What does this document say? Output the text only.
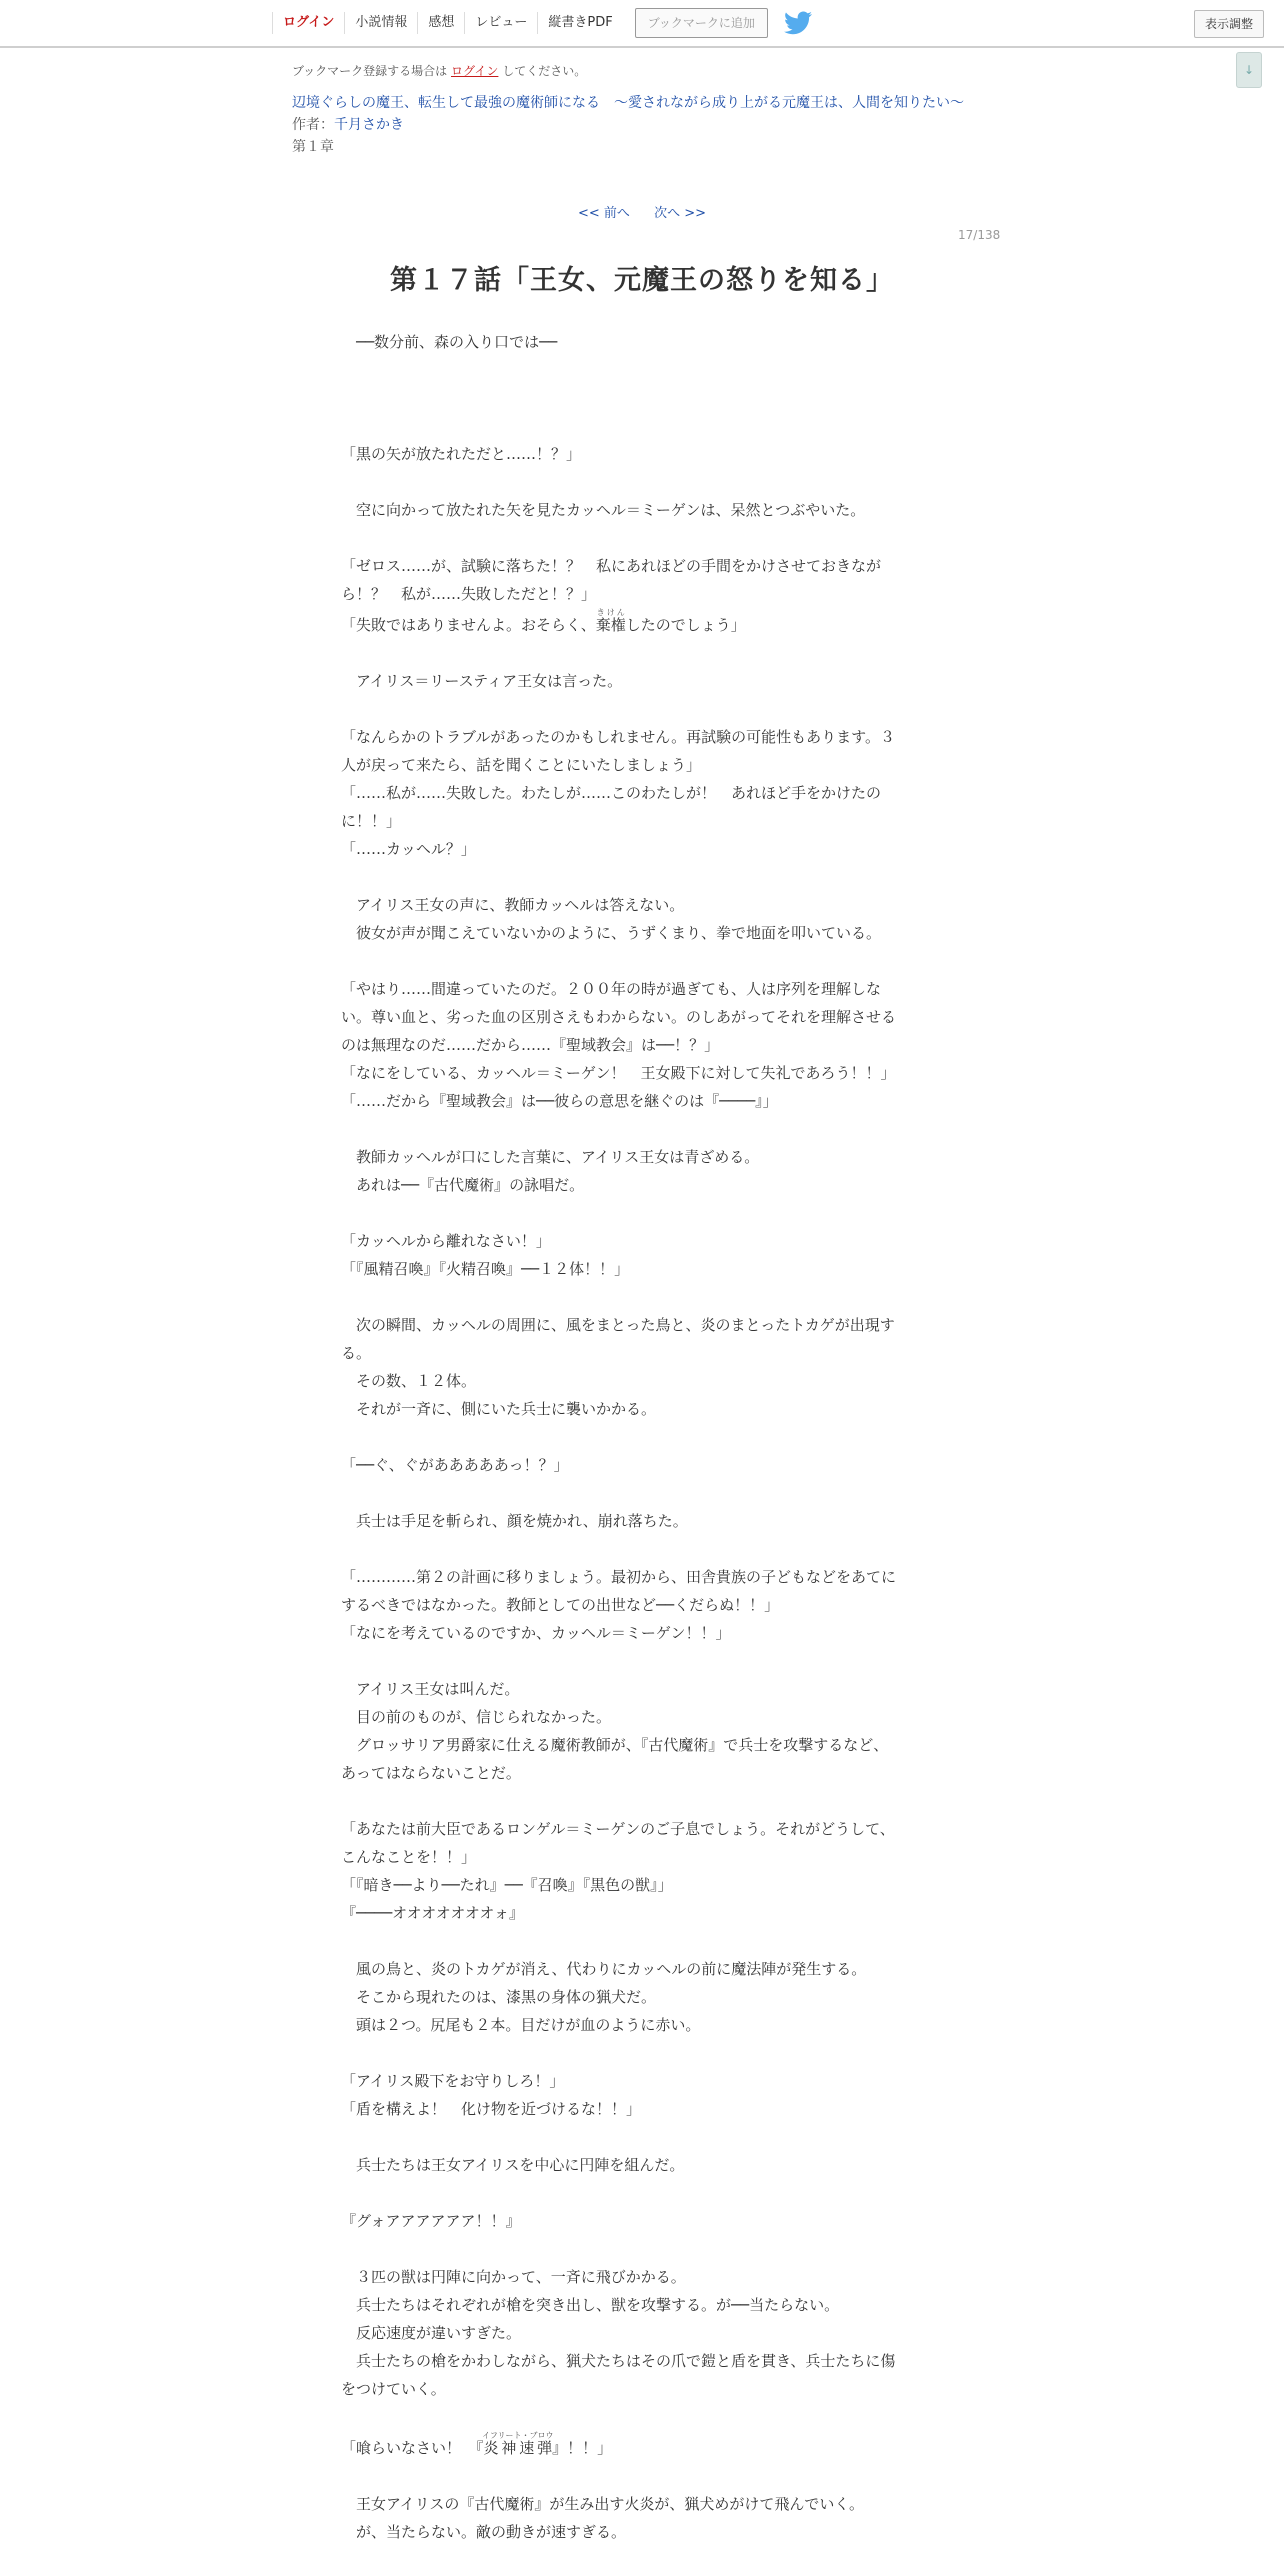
ログイン	小説情報	感想	レビュー	縦書きPDF	ブックマークに追加	表示調整
↓
ブックマーク登録する場合は ログイン してください。
辺境ぐらしの魔王、転生して最強の魔術師になる　〜愛されながら成り上がる元魔王は、人間を知りたい〜
作者：千月さかき
第１章
<< 前へ 次へ >>
17/138
第１７話「王女、元魔王の怒りを知る」
　──数分前、森の入り口では──
「黒の矢が放たれただと……！？」
　空に向かって放たれた矢を見たカッヘル＝ミーゲンは、呆然とつぶやいた。
「ゼロス……が、試験に落ちた！？　私にあれほどの手間をかけさせておきなが
ら！？　私が……失敗しただと！？」
「失敗ではありませんよ。おそらく、棄権きけんしたのでしょう」
　アイリス＝リースティア王女は言った。
「なんらかのトラブルがあったのかもしれません。再試験の可能性もあります。３
人が戻って来たら、話を聞くことにいたしましょう」
「……私が……失敗した。わたしが……このわたしが！　あれほど手をかけたの
に！！」
「……カッヘル？」
　アイリス王女の声に、教師カッヘルは答えない。
　彼女が声が聞こえていないかのように、うずくまり、拳で地面を叩いている。
「やはり……間違っていたのだ。２００年の時が過ぎても、人は序列を理解しな
い。尊い血と、劣った血の区別さえもわからない。のしあがってそれを理解させる
のは無理なのだ……だから……『聖域教会』は──！？」
「なにをしている、カッヘル＝ミーゲン！　王女殿下に対して失礼であろう！！」
「……だから『聖域教会』は──彼らの意思を継ぐのは『────』」
　教師カッヘルが口にした言葉に、アイリス王女は青ざめる。
　あれは──『古代魔術』の詠唱だ。
「カッヘルから離れなさい！」
「『風精召喚』『火精召喚』──１２体！！」
　次の瞬間、カッヘルの周囲に、風をまとった鳥と、炎のまとったトカゲが出現す
る。
　その数、１２体。
　それが一斉に、側にいた兵士に襲いかかる。
「──ぐ、ぐがあああああっ！？」
　兵士は手足を斬られ、顔を焼かれ、崩れ落ちた。
「…………第２の計画に移りましょう。最初から、田舎貴族の子どもなどをあてに
するべきではなかった。教師としての出世など──くだらぬ！！」
「なにを考えているのですか、カッヘル＝ミーゲン！！」
　アイリス王女は叫んだ。
　目の前のものが、信じられなかった。
　グロッサリア男爵家に仕える魔術教師が、『古代魔術』で兵士を攻撃するなど、
あってはならないことだ。
「あなたは前大臣であるロンゲル＝ミーゲンのご子息でしょう。それがどうして、
こんなことを！！」
「『暗き──より──たれ』──『召喚』『黒色の獣』」
『────オオオオオオオォ』
　風の鳥と、炎のトカゲが消え、代わりにカッヘルの前に魔法陣が発生する。
　そこから現れたのは、漆黒の身体の猟犬だ。
　頭は２つ。尻尾も２本。目だけが血のように赤い。
「アイリス殿下をお守りしろ！」
「盾を構えよ！　化け物を近づけるな！！」
　兵士たちは王女アイリスを中心に円陣を組んだ。
『グォアアアアアア！！』
　３匹の獣は円陣に向かって、一斉に飛びかかる。
　兵士たちはそれぞれが槍を突き出し、獣を攻撃する。が──当たらない。
　反応速度が違いすぎた。
　兵士たちの槍をかわしながら、猟犬たちはその爪で鎧と盾を貫き、兵士たちに傷
をつけていく。
「喰らいなさい！　『炎神速弾イフリート・ブロウ』！！」
　王女アイリスの『古代魔術』が生み出す火炎が、猟犬めがけて飛んでいく。
　が、当たらない。敵の動きが速すぎる。
